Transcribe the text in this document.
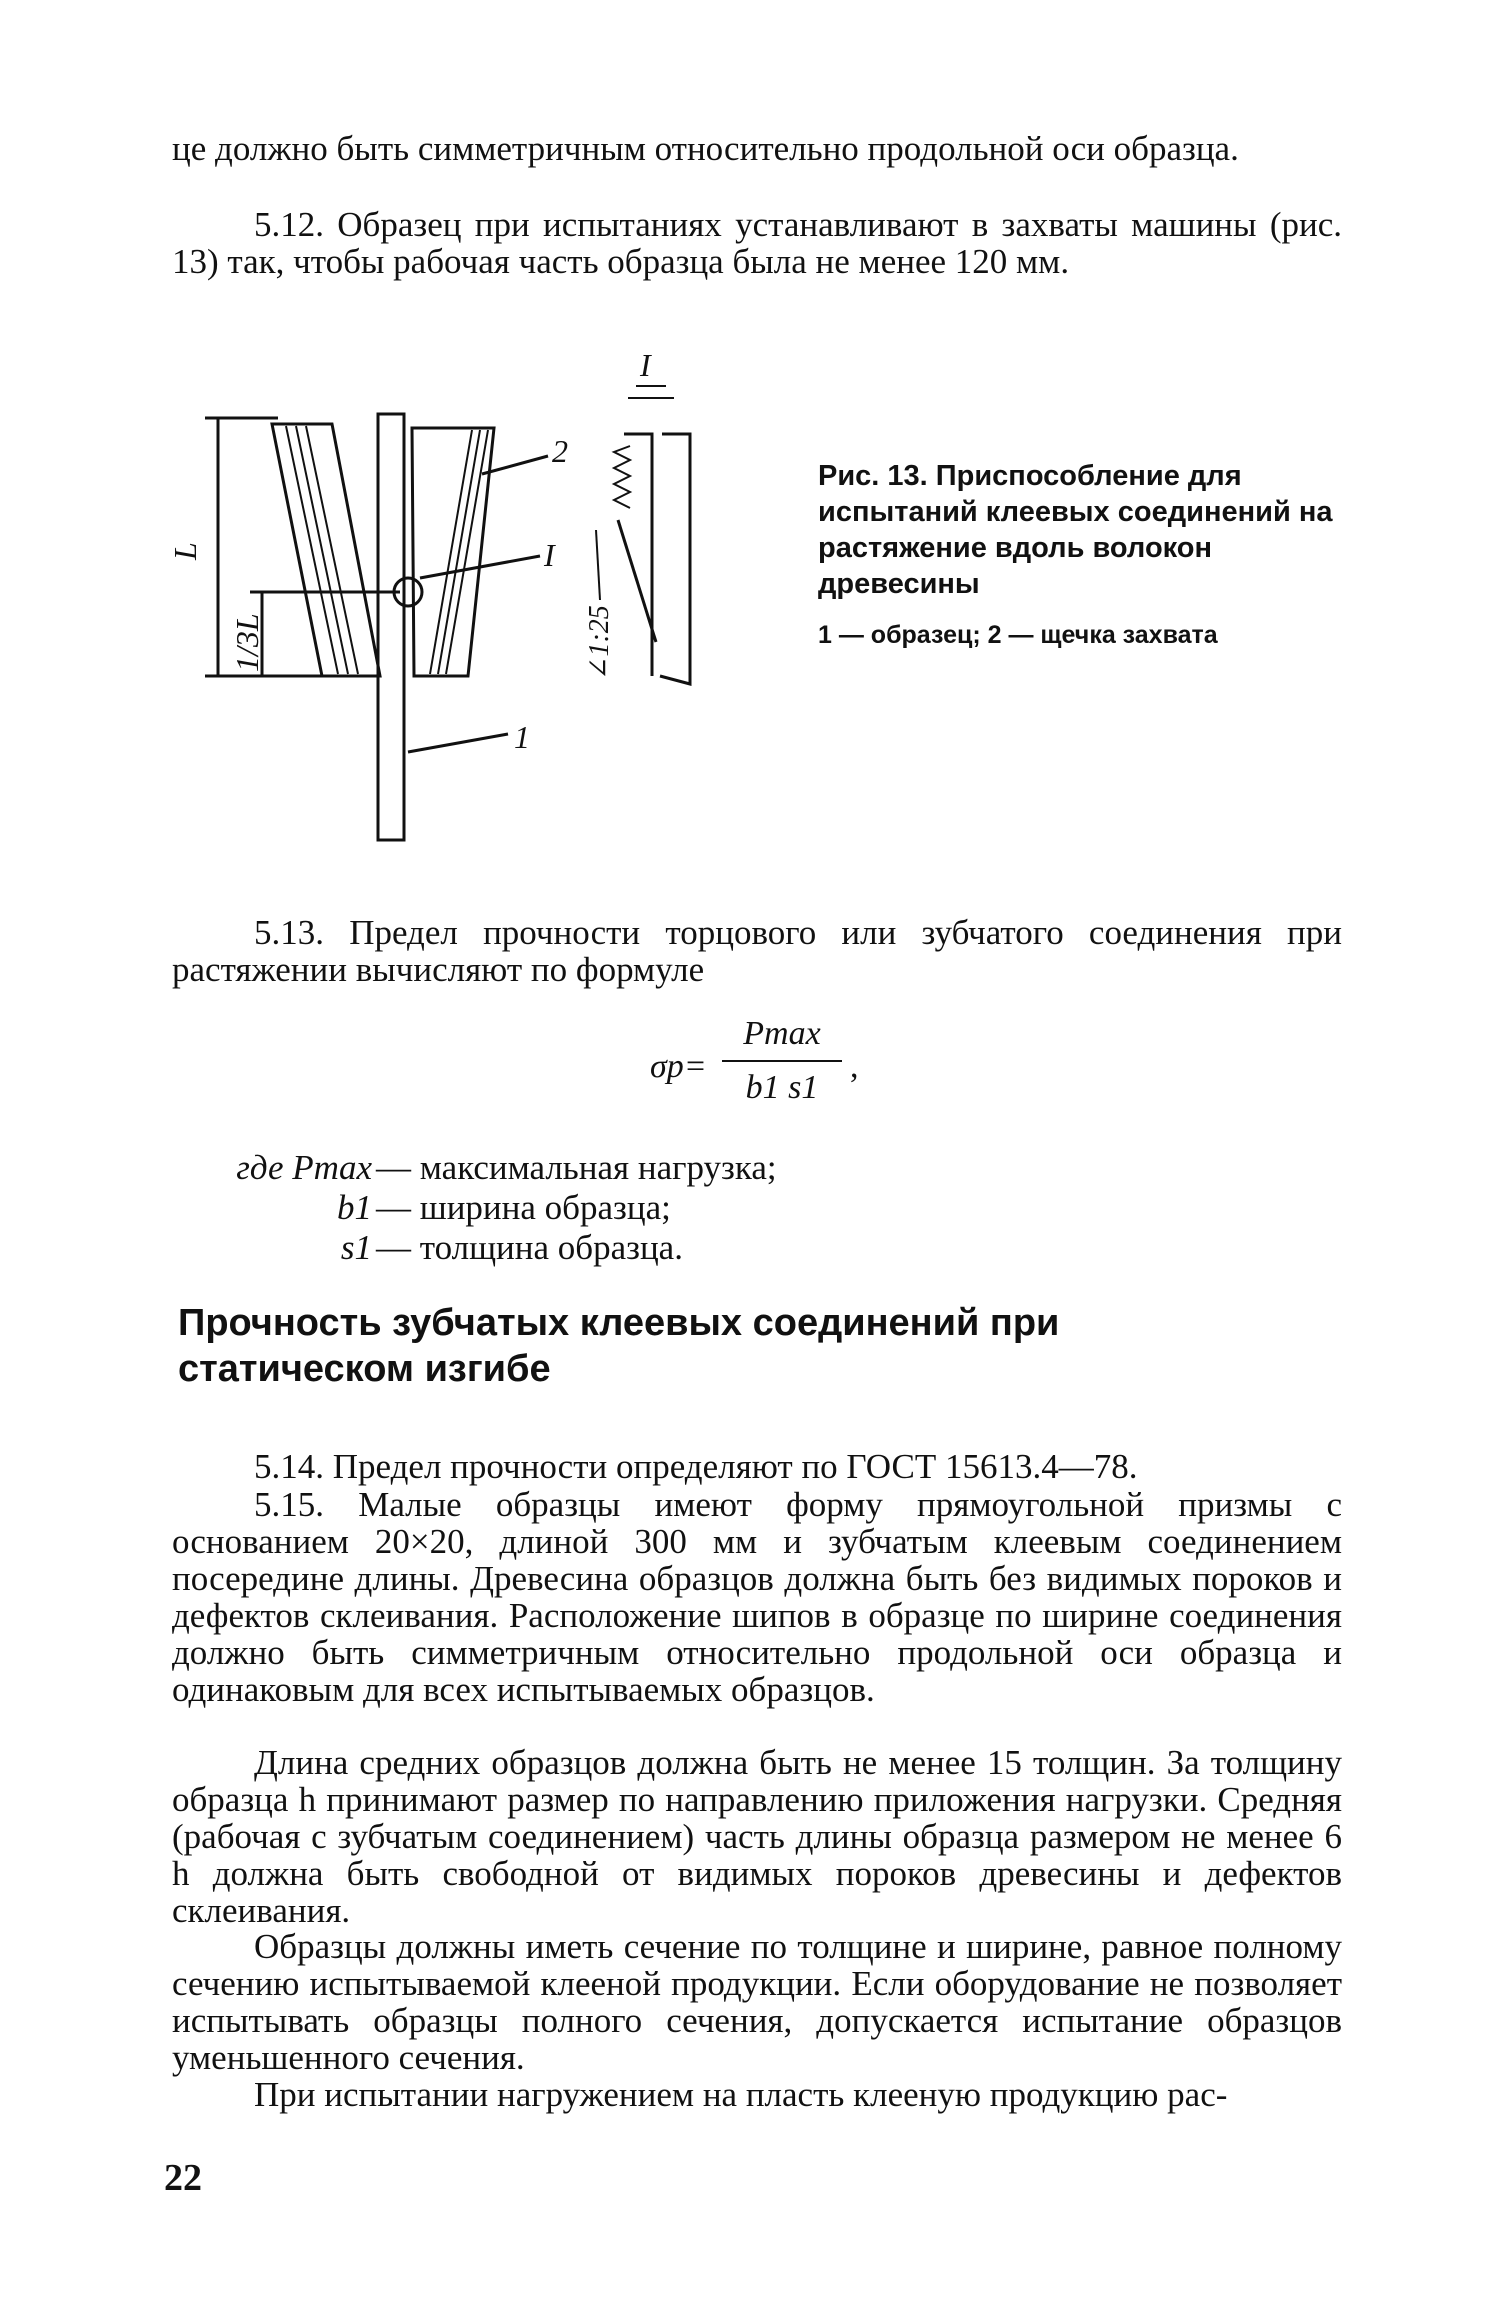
це должно быть симметричным относительно продольной оси образца.

5.12. Образец при испытаниях устанавливают в захваты машины (рис. 13) так, чтобы рабочая часть образца была не менее 120 мм.

L
1/3L
2
I
1
I
∠1:25

Рис. 13. Приспособление для испытаний клеевых соединений на растяжение вдоль волокон древесины

1 — образец; 2 — щечка захвата

5.13. Предел прочности торцового или зубчатого соединения при растяжении вычисляют по формуле

σp=
Pmax
b1 s1
,
где Pmax — максимальная нагрузка;
b1 — ширина образца;
s1 — толщина образца.
Прочность зубчатых клеевых соединений при статическом изгибе

5.14. Предел прочности определяют по ГОСТ 15613.4—78.

5.15. Малые образцы имеют форму прямоугольной призмы с основанием 20×20, длиной 300 мм и зубчатым клеевым соединением посередине длины. Древесина образцов должна быть без видимых пороков и дефектов склеивания. Расположение шипов в образце по ширине соединения должно быть симметричным относительно продольной оси образца и одинаковым для всех испытываемых образцов.

Длина средних образцов должна быть не менее 15 толщин. За толщину образца h принимают размер по направлению приложения нагрузки. Средняя (рабочая с зубчатым соединением) часть длины образца размером не менее 6 h должна быть свободной от видимых пороков древесины и дефектов склеивания.

Образцы должны иметь сечение по толщине и ширине, равное полному сечению испытываемой клееной продукции. Если оборудование не позволяет испытывать образцы полного сечения, допускается испытание образцов уменьшенного сечения.

При испытании нагружением на пласть клееную продукцию рас-

22
